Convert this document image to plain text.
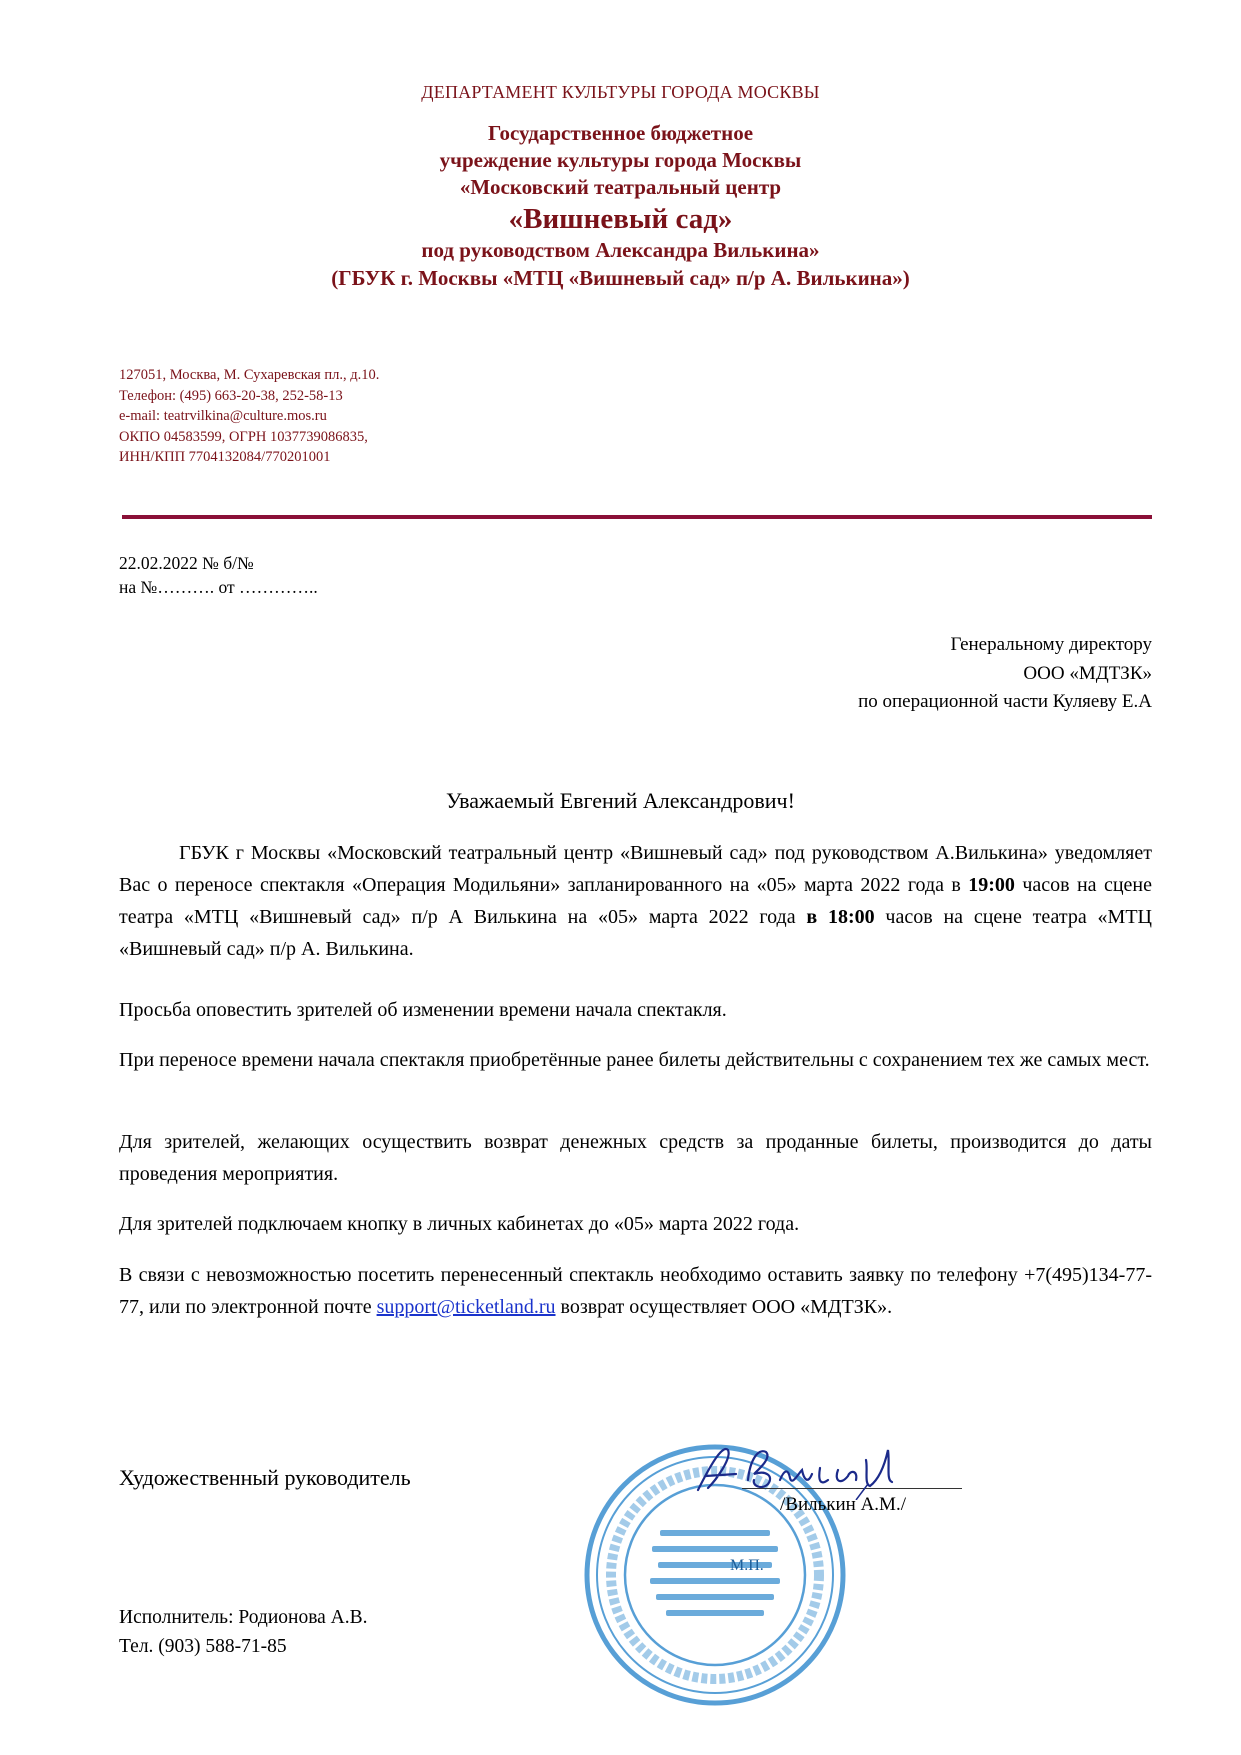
ДЕПАРТАМЕНТ КУЛЬТУРЫ ГОРОДА МОСКВЫ
Государственное бюджетное
учреждение культуры города Москвы
«Московский театральный центр
«Вишневый сад»
под руководством Александра Вилькина»
(ГБУК г. Москвы «МТЦ «Вишневый сад» п/р А. Вилькина»)
127051, Москва, М. Сухаревская пл., д.10.
Телефон: (495) 663-20-38, 252-58-13
e-mail: teatrvilkina@culture.mos.ru
ОКПО 04583599, ОГРН 1037739086835,
ИНН/КПП 7704132084/770201001
22.02.2022 № б/№
на №………. от …………..
Генеральному директору
ООО «МДТЗК»
по операционной части Куляеву Е.А
Уважаемый Евгений Александрович!
ГБУК г Москвы «Московский театральный центр «Вишневый сад» под руководством А.Вилькина» уведомляет Вас о переносе спектакля «Операция Модильяни» запланированного на «05» марта 2022 года в 19:00 часов на сцене театра «МТЦ «Вишневый сад» п/р А Вилькина на «05» марта 2022 года в 18:00 часов на сцене театра «МТЦ «Вишневый сад» п/р А. Вилькина.
Просьба оповестить зрителей об изменении времени начала спектакля.
При переносе времени начала спектакля приобретённые ранее билеты действительны с сохранением тех же самых мест.
Для зрителей, желающих осуществить возврат денежных средств за проданные билеты, производится до даты проведения мероприятия.
Для зрителей подключаем кнопку в личных кабинетах до «05» марта 2022 года.
В связи с невозможностью посетить перенесенный спектакль необходимо оставить заявку по телефону +7(495)134-77-77, или по электронной почте support@ticketland.ru возврат осуществляет ООО «МДТЗК».
Художественный руководитель
М.П.
/Вилькин А.М./
Исполнитель: Родионова А.В.
Тел. (903) 588-71-85
